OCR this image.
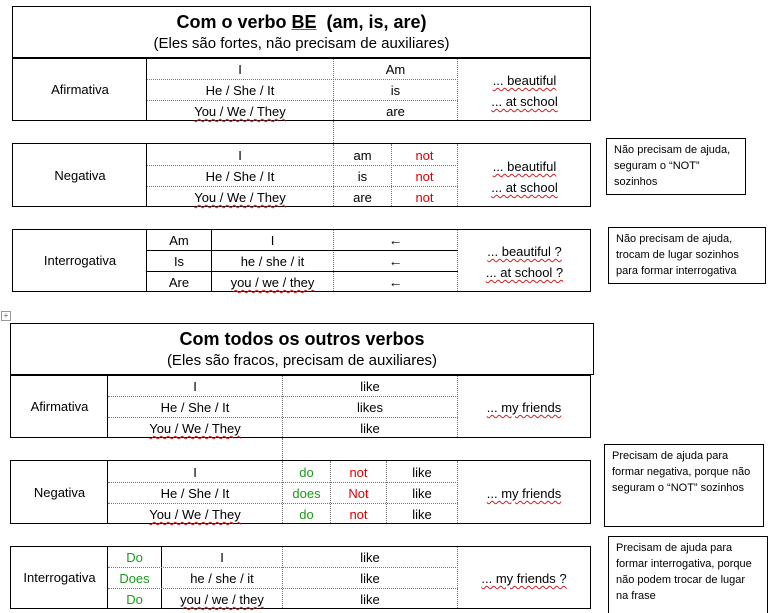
Com o verbo BE  (am, is, are)
(Eles são fortes, não precisam de auxiliares)
Afirmativa
I
He / She / It
You / We / They
Am
is
are
... beautiful
... at school
Negativa
I
He / She / It
You / We / They
am
is
are
not
not
not
... beautiful
... at school
Não precisam de ajuda, seguram o “NOT” sozinhos
Interrogativa
Am
Is
Are
I
he / she / it
you / we / they
←
←
←
... beautiful ?
... at school ?
Não precisam de ajuda, trocam de lugar sozinhos para formar interrogativa
+
Com todos os outros verbos
(Eles são fracos, precisam de auxiliares)
Afirmativa
I
He / She / It
You / We / They
like
likes
like
... my friends
Negativa
I
He / She / It
You / We / They
do
does
do
not
Not
not
like
like
like
... my friends
Precisam de ajuda para formar negativa, porque não seguram o “NOT” sozinhos
Interrogativa
Do
Does
Do
I
he / she / it
you / we / they
like
like
like
... my friends ?
Precisam de ajuda para formar interrogativa, porque não podem trocar de lugar na frase
